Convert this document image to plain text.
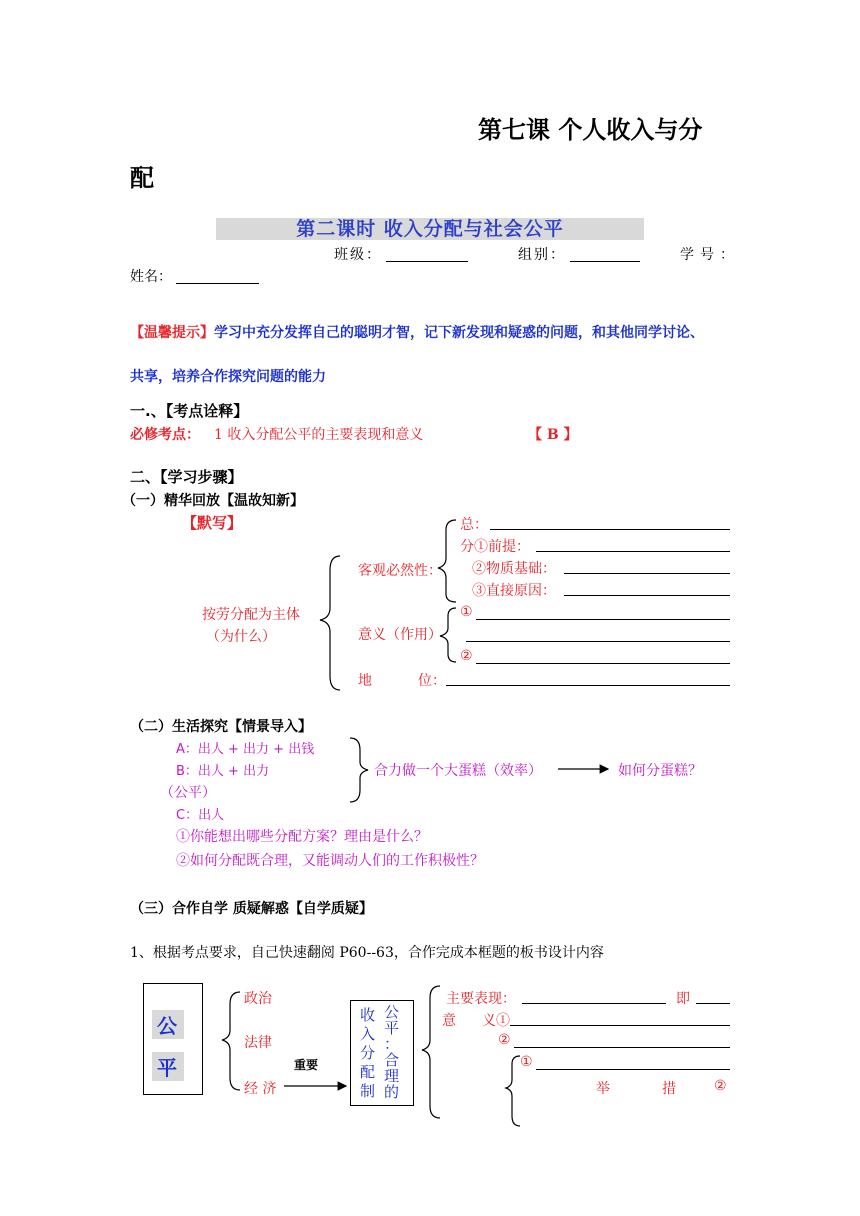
第七课 个人收入与分
配
第二课时 收入分配与社会公平
班级：	组别：	学号：
姓名：
【温馨提示】学习中充分发挥自己的聪明才智，记下新发现和疑惑的问题，和其他同学讨论、
共享，培养合作探究问题的能力
一.、【考点诠释】
必修考点： 1 收入分配公平的主要表现和意义	【 B 】
二、【学习步骤】
（一）精华回放【温故知新】
【默写】
按劳分配为主体
（为什么）
客观必然性：
总：
分①前提：
②物质基础：
③直接原因：
意义（作用）
①
②
地	位：
（二）生活探究【情景导入】
A：出人 + 出力 + 出钱
B：出人 + 出力
（公平）
C：出人
①你能想出哪些分配方案？理由是什么？
②如何分配既合理，又能调动人们的工作积极性？
合力做一个大蛋糕（效率）	如何分蛋糕？
（三）合作自学 质疑解惑【自学质疑】
1、根据考点要求，自己快速翻阅 P60--63，合作完成本框题的板书设计内容
公
平
政治
法律
经 济
重要
收
入
分
配
制
公
平
：
合
理
的
主要表现：	即
意 义①
②
①
举	措	②
